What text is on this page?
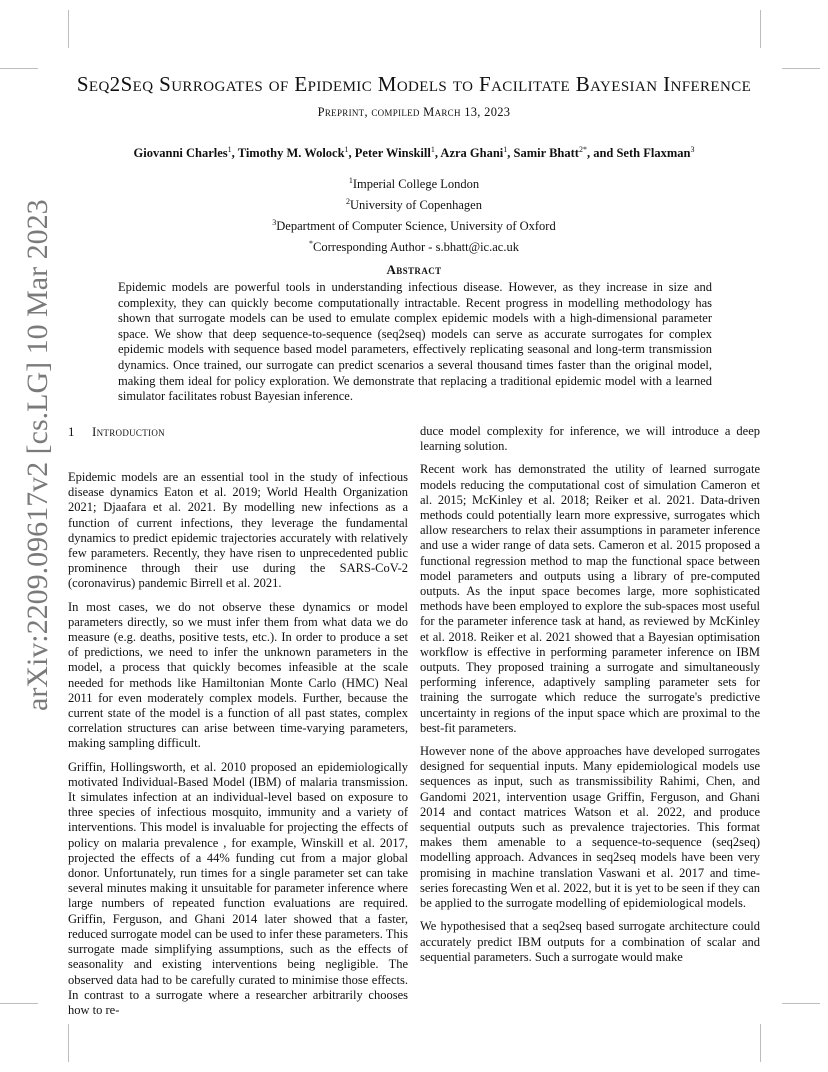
arXiv:2209.09617v2 [cs.LG] 10 Mar 2023
Seq2Seq Surrogates of Epidemic Models to Facilitate Bayesian Inference
Preprint, compiled March 13, 2023
Giovanni Charles$^1$, Timothy M. Wolock$^1$, Peter Winskill$^1$, Azra Ghani$^1$, Samir Bhatt$^{2*}$, and Seth Flaxman$^3$
$^1$Imperial College London
$^2$University of Copenhagen
$^3$Department of Computer Science, University of Oxford
*Corresponding Author - s.bhatt@ic.ac.uk
Abstract
Epidemic models are powerful tools in understanding infectious disease. However, as they increase in size and complexity, they can quickly become computationally intractable. Recent progress in modelling methodology has shown that surrogate models can be used to emulate complex epidemic models with a high-dimensional parameter space. We show that deep sequence-to-sequence (seq2seq) models can serve as accurate surrogates for complex epidemic models with sequence based model parameters, effectively replicating seasonal and long-term transmission dynamics. Once trained, our surrogate can predict scenarios a several thousand times faster than the original model, making them ideal for policy exploration. We demonstrate that replacing a traditional epidemic model with a learned simulator facilitates robust Bayesian inference.
1 Introduction

Epidemic models are an essential tool in the study of infectious disease dynamics Eaton et al. 2019; World Health Organization 2021; Djaafara et al. 2021. By modelling new infections as a function of current infections, they leverage the fundamental dynamics to predict epidemic trajectories accurately with relatively few parameters. Recently, they have risen to unprecedented public prominence through their use during the SARS-CoV-2 (coronavirus) pandemic Birrell et al. 2021.

In most cases, we do not observe these dynamics or model parameters directly, so we must infer them from what data we do measure (e.g. deaths, positive tests, etc.). In order to produce a set of predictions, we need to infer the unknown parameters in the model, a process that quickly becomes infeasible at the scale needed for methods like Hamiltonian Monte Carlo (HMC) Neal 2011 for even moderately complex models. Further, because the current state of the model is a function of all past states, complex correlation structures can arise between time-varying parameters, making sampling difficult.

Griffin, Hollingsworth, et al. 2010 proposed an epidemiologically motivated Individual-Based Model (IBM) of malaria transmission. It simulates infection at an individual-level based on exposure to three species of infectious mosquito, immunity and a variety of interventions. This model is invaluable for projecting the effects of policy on malaria prevalence , for example, Winskill et al. 2017, projected the effects of a 44% funding cut from a major global donor. Unfortunately, run times for a single parameter set can take several minutes making it unsuitable for parameter inference where large numbers of repeated function evaluations are required. Griffin, Ferguson, and Ghani 2014 later showed that a faster, reduced surrogate model can be used to infer these parameters. This surrogate made simplifying assumptions, such as the effects of seasonality and existing interventions being negligible. The observed data had to be carefully curated to minimise those effects. In contrast to a surrogate where a researcher arbitrarily chooses how to re-

duce model complexity for inference, we will introduce a deep learning solution.

Recent work has demonstrated the utility of learned surrogate models reducing the computational cost of simulation Cameron et al. 2015; McKinley et al. 2018; Reiker et al. 2021. Data-driven methods could potentially learn more expressive, surrogates which allow researchers to relax their assumptions in parameter inference and use a wider range of data sets. Cameron et al. 2015 proposed a functional regression method to map the functional space between model parameters and outputs using a library of pre-computed outputs. As the input space becomes large, more sophisticated methods have been employed to explore the sub-spaces most useful for the parameter inference task at hand, as reviewed by McKinley et al. 2018. Reiker et al. 2021 showed that a Bayesian optimisation workflow is effective in performing parameter inference on IBM outputs. They proposed training a surrogate and simultaneously performing inference, adaptively sampling parameter sets for training the surrogate which reduce the surrogate's predictive uncertainty in regions of the input space which are proximal to the best-fit parameters.

However none of the above approaches have developed surrogates designed for sequential inputs. Many epidemiological models use sequences as input, such as transmissibility Rahimi, Chen, and Gandomi 2021, intervention usage Griffin, Ferguson, and Ghani 2014 and contact matrices Watson et al. 2022, and produce sequential outputs such as prevalence trajectories. This format makes them amenable to a sequence-to-sequence (seq2seq) modelling approach. Advances in seq2seq models have been very promising in machine translation Vaswani et al. 2017 and time-series forecasting Wen et al. 2022, but it is yet to be seen if they can be applied to the surrogate modelling of epidemiological models.

We hypothesised that a seq2seq based surrogate architecture could accurately predict IBM outputs for a combination of scalar and sequential parameters. Such a surrogate would make
